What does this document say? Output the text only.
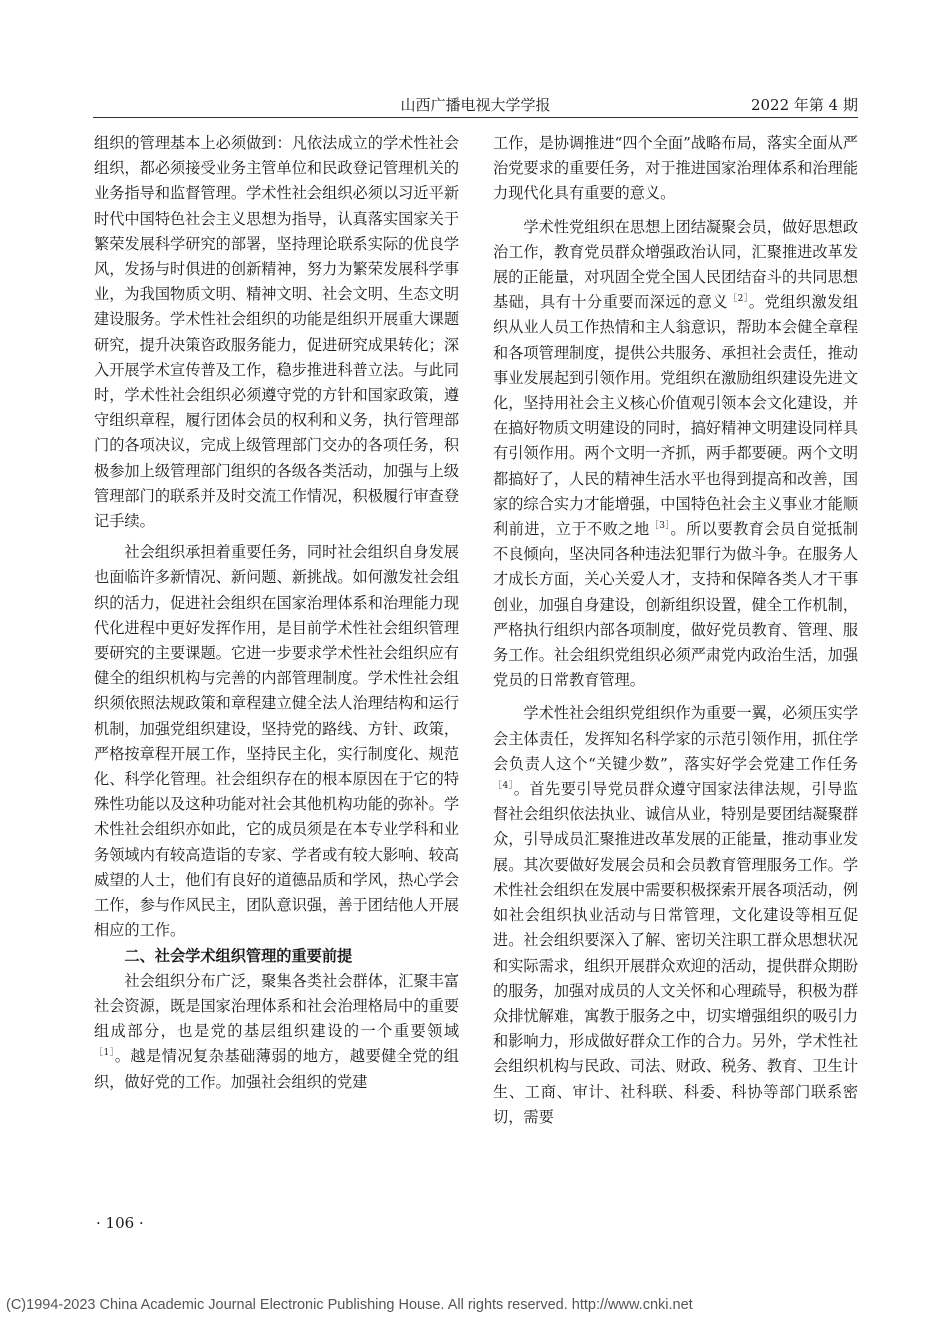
山西广播电视大学学报	2022 年第 4 期

组织的管理基本上必须做到：凡依法成立的学术性社会组织，都必须接受业务主管单位和民政登记管理机关的业务指导和监督管理。学术性社会组织必须以习近平新时代中国特色社会主义思想为指导，认真落实国家关于繁荣发展科学研究的部署，坚持理论联系实际的优良学风，发扬与时俱进的创新精神，努力为繁荣发展科学事业，为我国物质文明、精神文明、社会文明、生态文明建设服务。学术性社会组织的功能是组织开展重大课题研究，提升决策咨政服务能力，促进研究成果转化；深入开展学术宣传普及工作，稳步推进科普立法。与此同时，学术性社会组织必须遵守党的方针和国家政策，遵守组织章程，履行团体会员的权利和义务，执行管理部门的各项决议，完成上级管理部门交办的各项任务，积极参加上级管理部门组织的各级各类活动，加强与上级管理部门的联系并及时交流工作情况，积极履行审查登记手续。

社会组织承担着重要任务，同时社会组织自身发展也面临许多新情况、新问题、新挑战。如何激发社会组织的活力，促进社会组织在国家治理体系和治理能力现代化进程中更好发挥作用，是目前学术性社会组织管理要研究的主要课题。它进一步要求学术性社会组织应有健全的组织机构与完善的内部管理制度。学术性社会组织须依照法规政策和章程建立健全法人治理结构和运行机制，加强党组织建设，坚持党的路线、方针、政策，严格按章程开展工作，坚持民主化，实行制度化、规范化、科学化管理。社会组织存在的根本原因在于它的特殊性功能以及这种功能对社会其他机构功能的弥补。学术性社会组织亦如此，它的成员须是在本专业学科和业务领域内有较高造诣的专家、学者或有较大影响、较高威望的人士，他们有良好的道德品质和学风，热心学会工作，参与作风民主，团队意识强，善于团结他人开展相应的工作。

二、社会学术组织管理的重要前提

社会组织分布广泛，聚集各类社会群体，汇聚丰富社会资源，既是国家治理体系和社会治理格局中的重要组成部分，也是党的基层组织建设的一个重要领域$^{[1]}$。越是情况复杂基础薄弱的地方，越要健全党的组织，做好党的工作。加强社会组织的党建

工作，是协调推进“四个全面”战略布局，落实全面从严治党要求的重要任务，对于推进国家治理体系和治理能力现代化具有重要的意义。

学术性党组织在思想上团结凝聚会员，做好思想政治工作，教育党员群众增强政治认同，汇聚推进改革发展的正能量，对巩固全党全国人民团结奋斗的共同思想基础，具有十分重要而深远的意义$^{[2]}$。党组织激发组织从业人员工作热情和主人翁意识，帮助本会健全章程和各项管理制度，提供公共服务、承担社会责任，推动事业发展起到引领作用。党组织在激励组织建设先进文化，坚持用社会主义核心价值观引领本会文化建设，并在搞好物质文明建设的同时，搞好精神文明建设同样具有引领作用。两个文明一齐抓，两手都要硬。两个文明都搞好了，人民的精神生活水平也得到提高和改善，国家的综合实力才能增强，中国特色社会主义事业才能顺利前进，立于不败之地$^{[3]}$。所以要教育会员自觉抵制不良倾向，坚决同各种违法犯罪行为做斗争。在服务人才成长方面，关心关爱人才，支持和保障各类人才干事创业，加强自身建设，创新组织设置，健全工作机制，严格执行组织内部各项制度，做好党员教育、管理、服务工作。社会组织党组织必须严肃党内政治生活，加强党员的日常教育管理。

学术性社会组织党组织作为重要一翼，必须压实学会主体责任，发挥知名科学家的示范引领作用，抓住学会负责人这个“关键少数”，落实好学会党建工作任务$^{[4]}$。首先要引导党员群众遵守国家法律法规，引导监督社会组织依法执业、诚信从业，特别是要团结凝聚群众，引导成员汇聚推进改革发展的正能量，推动事业发展。其次要做好发展会员和会员教育管理服务工作。学术性社会组织在发展中需要积极探索开展各项活动，例如社会组织执业活动与日常管理，文化建设等相互促进。社会组织要深入了解、密切关注职工群众思想状况和实际需求，组织开展群众欢迎的活动，提供群众期盼的服务，加强对成员的人文关怀和心理疏导，积极为群众排忧解难，寓教于服务之中，切实增强组织的吸引力和影响力，形成做好群众工作的合力。另外，学术性社会组织机构与民政、司法、财政、税务、教育、卫生计生、工商、审计、社科联、科委、科协等部门联系密切，需要

· 106 ·
(C)1994-2023 China Academic Journal Electronic Publishing House. All rights reserved. http://www.cnki.net
